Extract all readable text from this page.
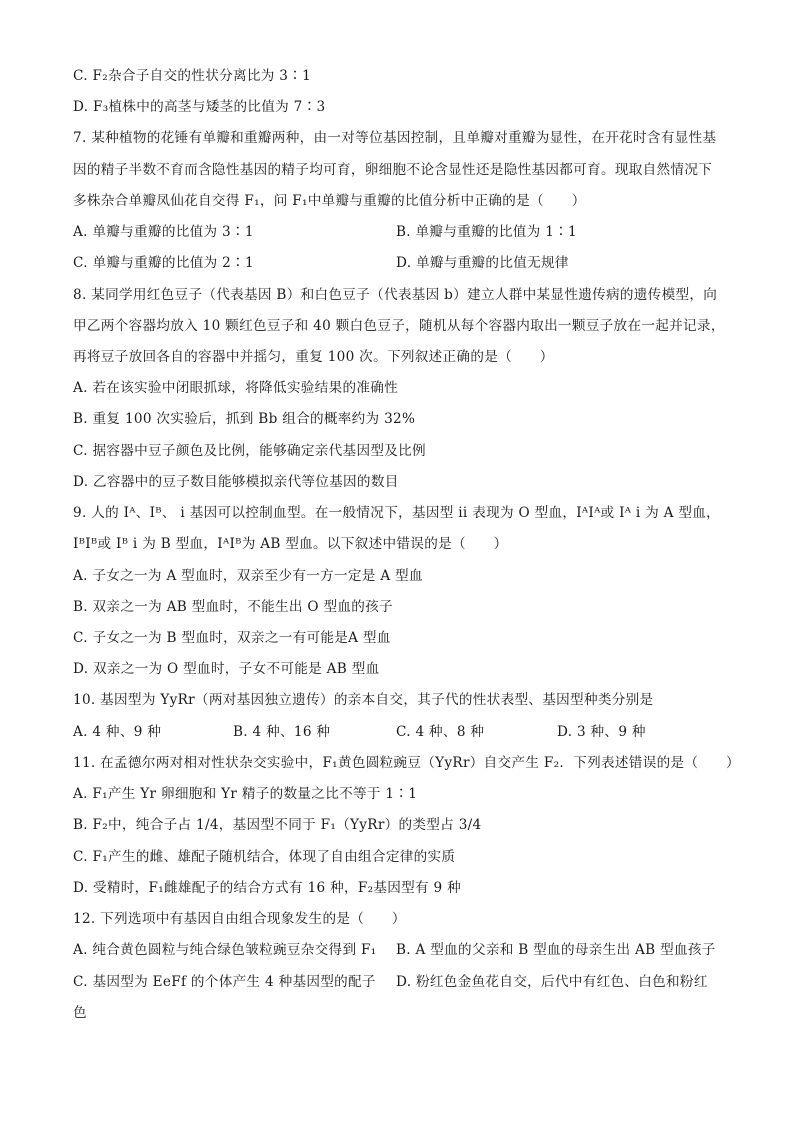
C. F₂杂合子自交的性状分离比为 3∶1
D. F₃植株中的高茎与矮茎的比值为 7∶3
7. 某种植物的花锤有单瓣和重瓣两种，由一对等位基因控制，且单瓣对重瓣为显性，在开花时含有显性基
因的精子半数不育而含隐性基因的精子均可育，卵细胞不论含显性还是隐性基因都可育。现取自然情况下
多株杂合单瓣凤仙花自交得 F₁，问 F₁中单瓣与重瓣的比值分析中正确的是（　　）
A. 单瓣与重瓣的比值为 3∶1	B. 单瓣与重瓣的比值为 1∶1
C. 单瓣与重瓣的比值为 2∶1	D. 单瓣与重瓣的比值无规律
8. 某同学用红色豆子（代表基因 B）和白色豆子（代表基因 b）建立人群中某显性遗传病的遗传模型，向
甲乙两个容器均放入 10 颗红色豆子和 40 颗白色豆子，随机从每个容器内取出一颗豆子放在一起并记录，
再将豆子放回各自的容器中并摇匀，重复 100 次。下列叙述正确的是（　　）
A. 若在该实验中闭眼抓球，将降低实验结果的准确性
B. 重复 100 次实验后，抓到 Bb 组合的概率约为 32%
C. 据容器中豆子颜色及比例，能够确定亲代基因型及比例
D. 乙容器中的豆子数目能够模拟亲代等位基因的数目
9. 人的 Iᴬ、Iᴮ、 i 基因可以控制血型。在一般情况下，基因型 ii 表现为 O 型血，IᴬIᴬ或 Iᴬ i 为 A 型血，
IᴮIᴮ或 Iᴮ i 为 B 型血，IᴬIᴮ为 AB 型血。以下叙述中错误的是（　　）
A. 子女之一为 A 型血时，双亲至少有一方一定是 A 型血
B. 双亲之一为 AB 型血时，不能生出 O 型血的孩子
C. 子女之一为 B 型血时，双亲之一有可能是A 型血
D. 双亲之一为 O 型血时，子女不可能是 AB 型血
10. 基因型为 YyRr（两对基因独立遗传）的亲本自交，其子代的性状表型、基因型种类分别是
A. 4 种、9 种	B. 4 种、16 种	C. 4 种、8 种	D. 3 种、9 种
11. 在孟德尔两对相对性状杂交实验中，F₁黄色圆粒豌豆（YyRr）自交产生 F₂．下列表述错误的是（　　）
A. F₁产生 Yr 卵细胞和 Yr 精子的数量之比不等于 1∶1
B. F₂中，纯合子占 1/4，基因型不同于 F₁（YyRr）的类型占 3/4
C. F₁产生的雌、雄配子随机结合，体现了自由组合定律的实质
D. 受精时，F₁雌雄配子的结合方式有 16 种，F₂基因型有 9 种
12. 下列选项中有基因自由组合现象发生的是（　　）
A. 纯合黄色圆粒与纯合绿色皱粒豌豆杂交得到 F₁ B. A 型血的父亲和 B 型血的母亲生出 AB 型血孩子
C. 基因型为 EeFf 的个体产生 4 种基因型的配子 D. 粉红色金鱼花自交，后代中有红色、白色和粉红
色
